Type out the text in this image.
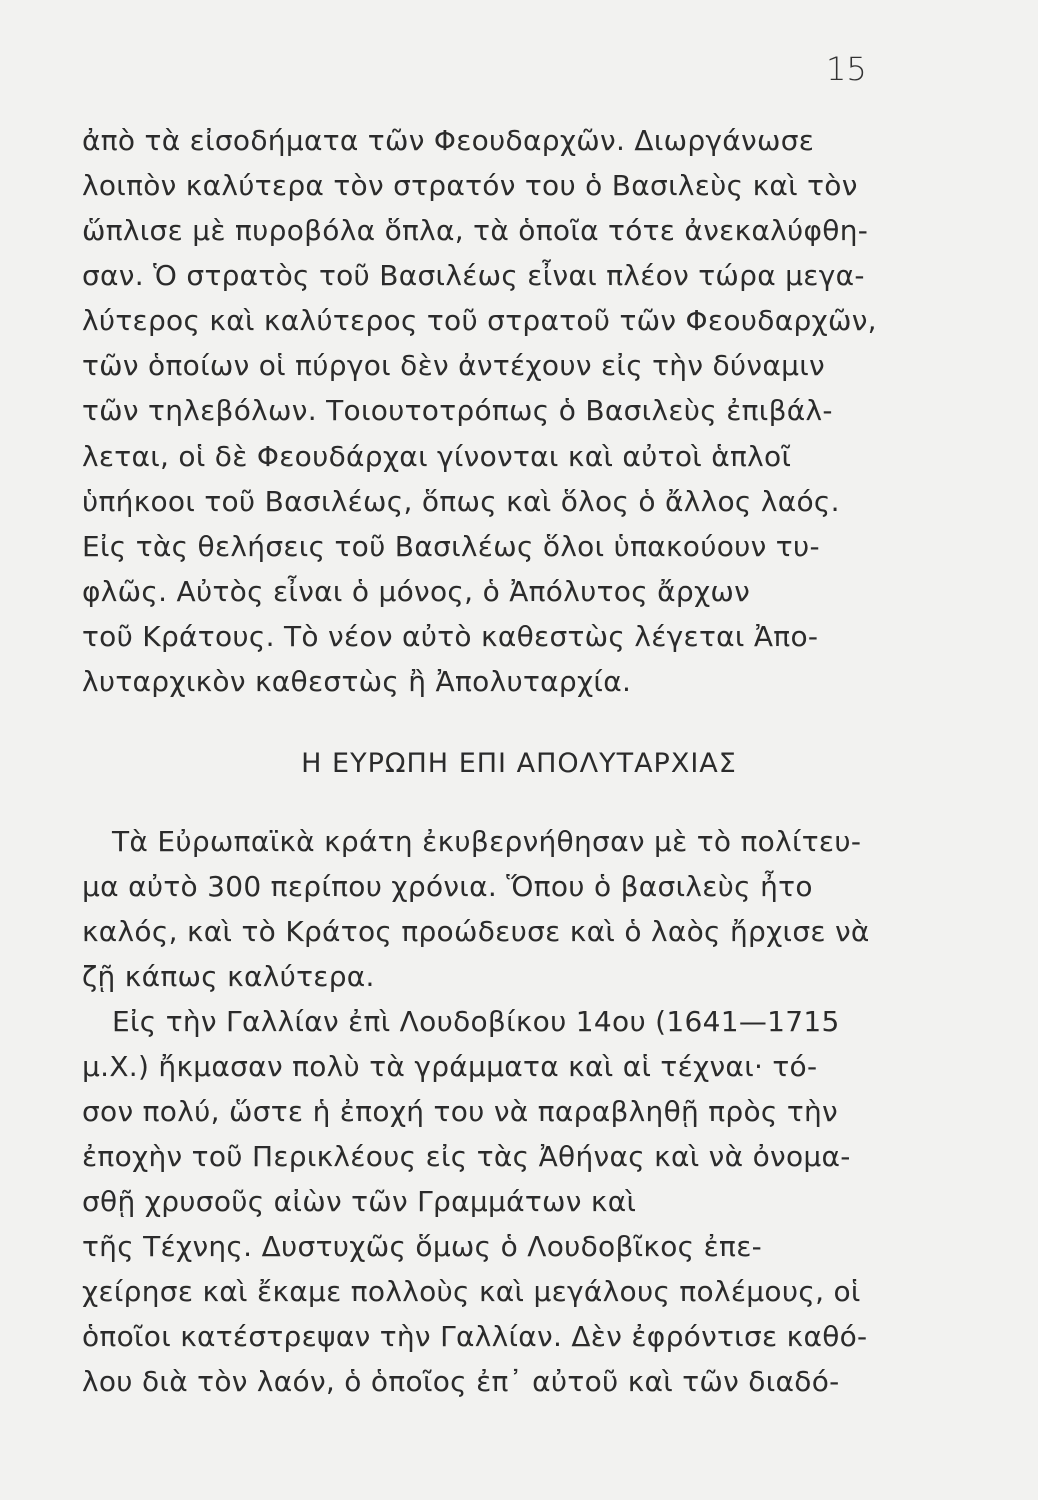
15
ἀπὸ τὰ εἰσοδήματα τῶν Φεουδαρχῶν. Διωργάνωσε
λοιπὸν καλύτερα τὸν στρατόν του ὁ Βασιλεὺς καὶ τὸν
ὥπλισε μὲ πυροβόλα ὅπλα, τὰ ὁποῖα τότε ἀνεκαλύφθη-
σαν. Ὁ στρατὸς τοῦ Βασιλέως εἶναι πλέον τώρα μεγα-
λύτερος καὶ καλύτερος τοῦ στρατοῦ τῶν Φεουδαρχῶν,
τῶν ὁποίων οἱ πύργοι δὲν ἀντέχουν εἰς τὴν δύναμιν
τῶν τηλεβόλων. Τοιουτοτρόπως ὁ Βασιλεὺς ἐπιβάλ-
λεται, οἱ δὲ Φεουδάρχαι γίνονται καὶ αὐτοὶ ἁπλοῖ
ὑπήκοοι τοῦ Βασιλέως, ὅπως καὶ ὅλος ὁ ἄλλος λαός.
Εἰς τὰς θελήσεις τοῦ Βασιλέως ὅλοι ὑπακούουν τυ-
φλῶς. Αὐτὸς εἶναι ὁ μόνος, ὁ Ἀπόλυτος ἄρχων
τοῦ Κράτους. Τὸ νέον αὐτὸ καθεστὼς λέγεται Ἀπο-
λυταρχικὸν καθεστὼς ἢ Ἀπολυταρχία.
Η ΕΥΡΩΠΗ ΕΠΙ ΑΠΟΛΥΤΑΡΧΙΑΣ
Τὰ Εὐρωπαϊκὰ κράτη ἐκυβερνήθησαν μὲ τὸ πολίτευ-
μα αὐτὸ 300 περίπου χρόνια. Ὅπου ὁ βασιλεὺς ἦτο
καλός, καὶ τὸ Κράτος προώδευσε καὶ ὁ λαὸς ἤρχισε νὰ
ζῇ κάπως καλύτερα.
Εἰς τὴν Γαλλίαν ἐπὶ Λουδοβίκου 14ου (1641—1715
μ.Χ.) ἤκμασαν πολὺ τὰ γράμματα καὶ αἱ τέχναι· τό-
σον πολύ, ὥστε ἡ ἐποχή του νὰ παραβληθῇ πρὸς τὴν
ἐποχὴν τοῦ Περικλέους εἰς τὰς Ἀθήνας καὶ νὰ ὀνομα-
σθῇ χρυσοῦς αἰὼν τῶν Γραμμάτων καὶ
τῆς Τέχνης. Δυστυχῶς ὅμως ὁ Λουδοβῖκος ἐπε-
χείρησε καὶ ἔκαμε πολλοὺς καὶ μεγάλους πολέμους, οἱ
ὁποῖοι κατέστρεψαν τὴν Γαλλίαν. Δὲν ἐφρόντισε καθό-
λου διὰ τὸν λαόν, ὁ ὁποῖος ἐπ᾽ αὐτοῦ καὶ τῶν διαδό-
